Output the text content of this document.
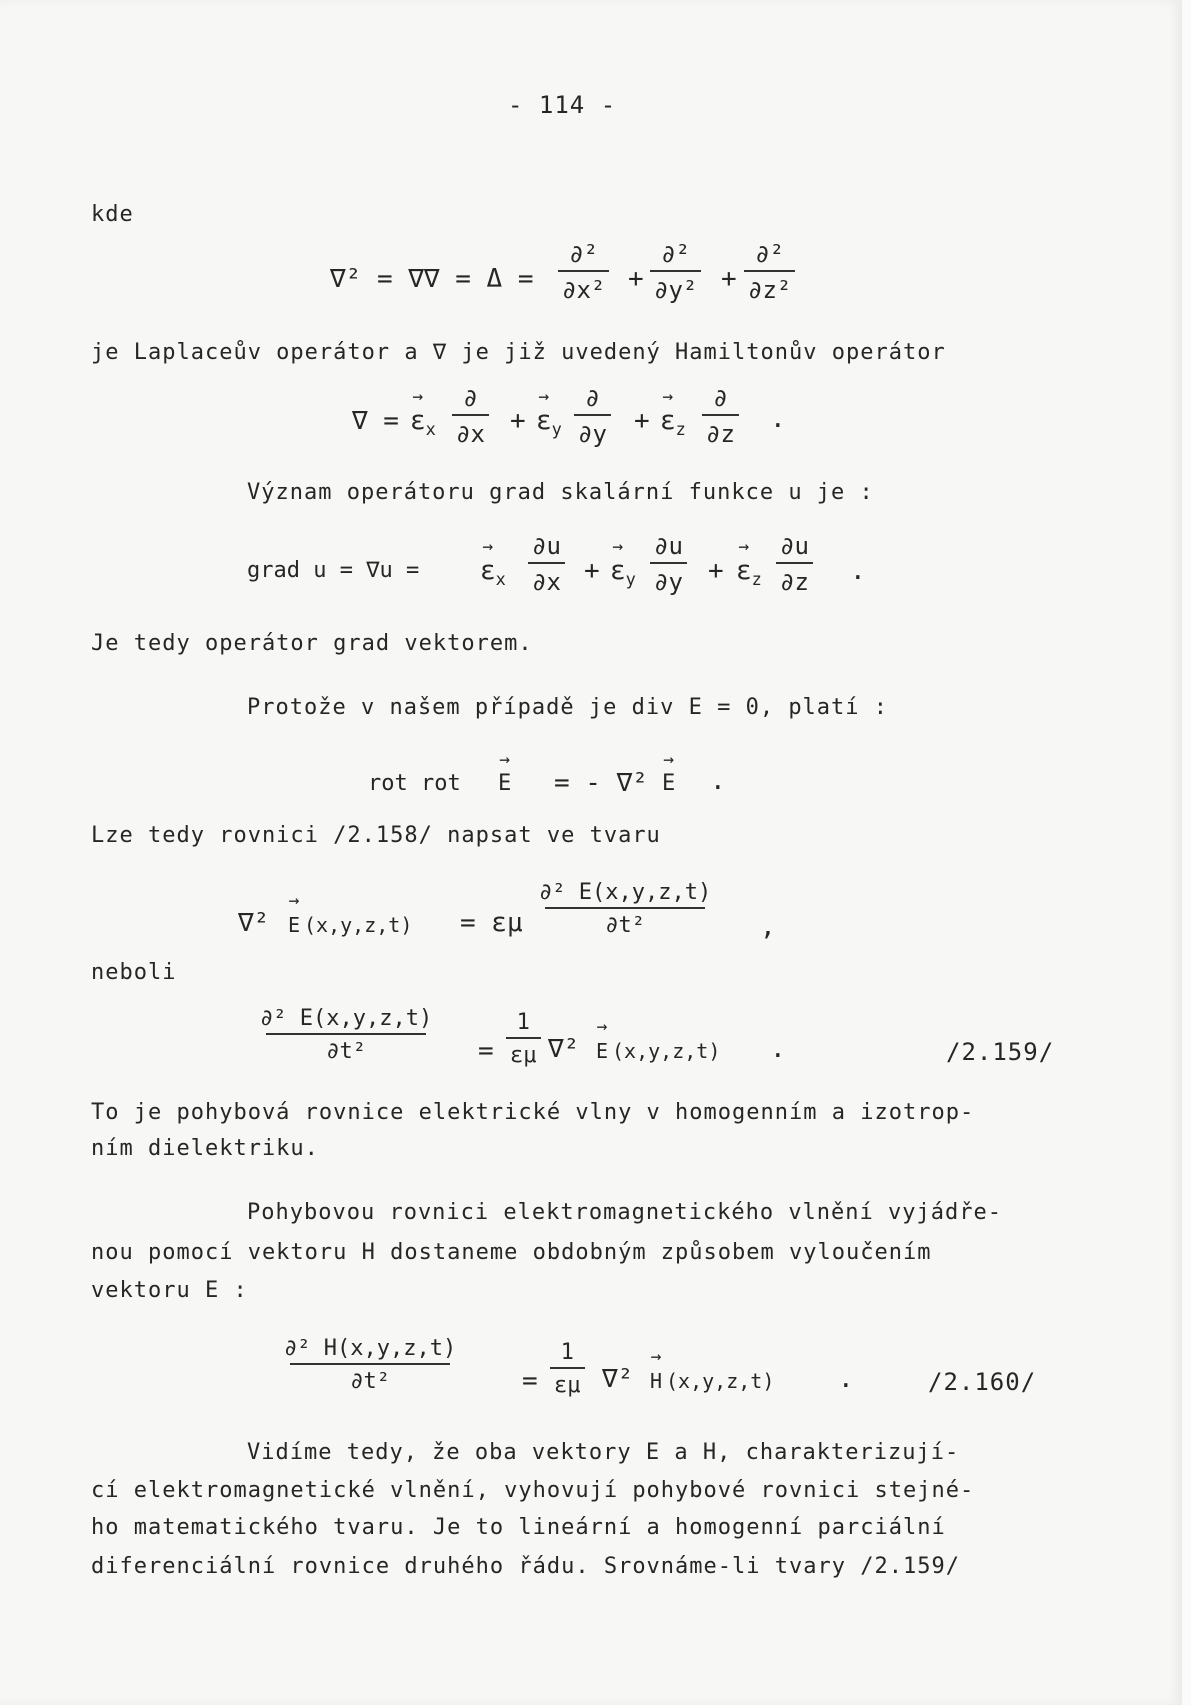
- 114 -
kde
∇² = ∇∇ = Δ =
∂²
∂x² +
∂²
∂y² +
∂²
∂z²
je Laplaceův operátor a ∇ je již uvedený Hamiltonův operátor
∇ =
→ $\varepsilon_x$
∂
∂x +
→ $\varepsilon_y$
∂
∂y +
→ $\varepsilon_z$
∂
∂z .
Význam operátoru grad skalární funkce u je :
grad u = ∇u =
→ $\varepsilon_x \frac{\partial u}{\partial x}$ +
→ $\varepsilon_y \frac{\partial u}{\partial y}$ +
→ $\varepsilon_z \frac{\partial u}{\partial z}$ .
Je tedy operátor grad vektorem.
Protože v našem případě je div E = 0, platí :
rot rot
→ E = - ∇²
→ E .
Lze tedy rovnici /2.158/ napsat ve tvaru
∇²
→ E (x,y,z,t) = εμ $\frac{\text{∂² E(x,y,z,t)}}{\text{∂t²}}$ ,
neboli
$\frac{\text{∂² E(x,y,z,t)}}{\text{∂t²}} = \frac{1}{\varepsilon\mu} \nabla^2$
→ E (x,y,z,t) .	/2.159/
To je pohybová rovnice elektrické vlny v homogenním a izotrop-
ním dielektriku.
Pohybovou rovnici elektromagnetického vlnění vyjádře-
nou pomocí vektoru H dostaneme obdobným způsobem vyloučením
vektoru E :
$\frac{\text{∂² H(x,y,z,t)}}{\text{∂t²}} = \frac{1}{\varepsilon\mu} \nabla^2$
→ H (x,y,z,t) .	/2.160/
Vidíme tedy, že oba vektory E a H, charakterizují-
cí elektromagnetické vlnění, vyhovují pohybové rovnici stejné-
ho matematického tvaru. Je to lineární a homogenní parciální
diferenciální rovnice druhého řádu. Srovnáme-li tvary /2.159/
